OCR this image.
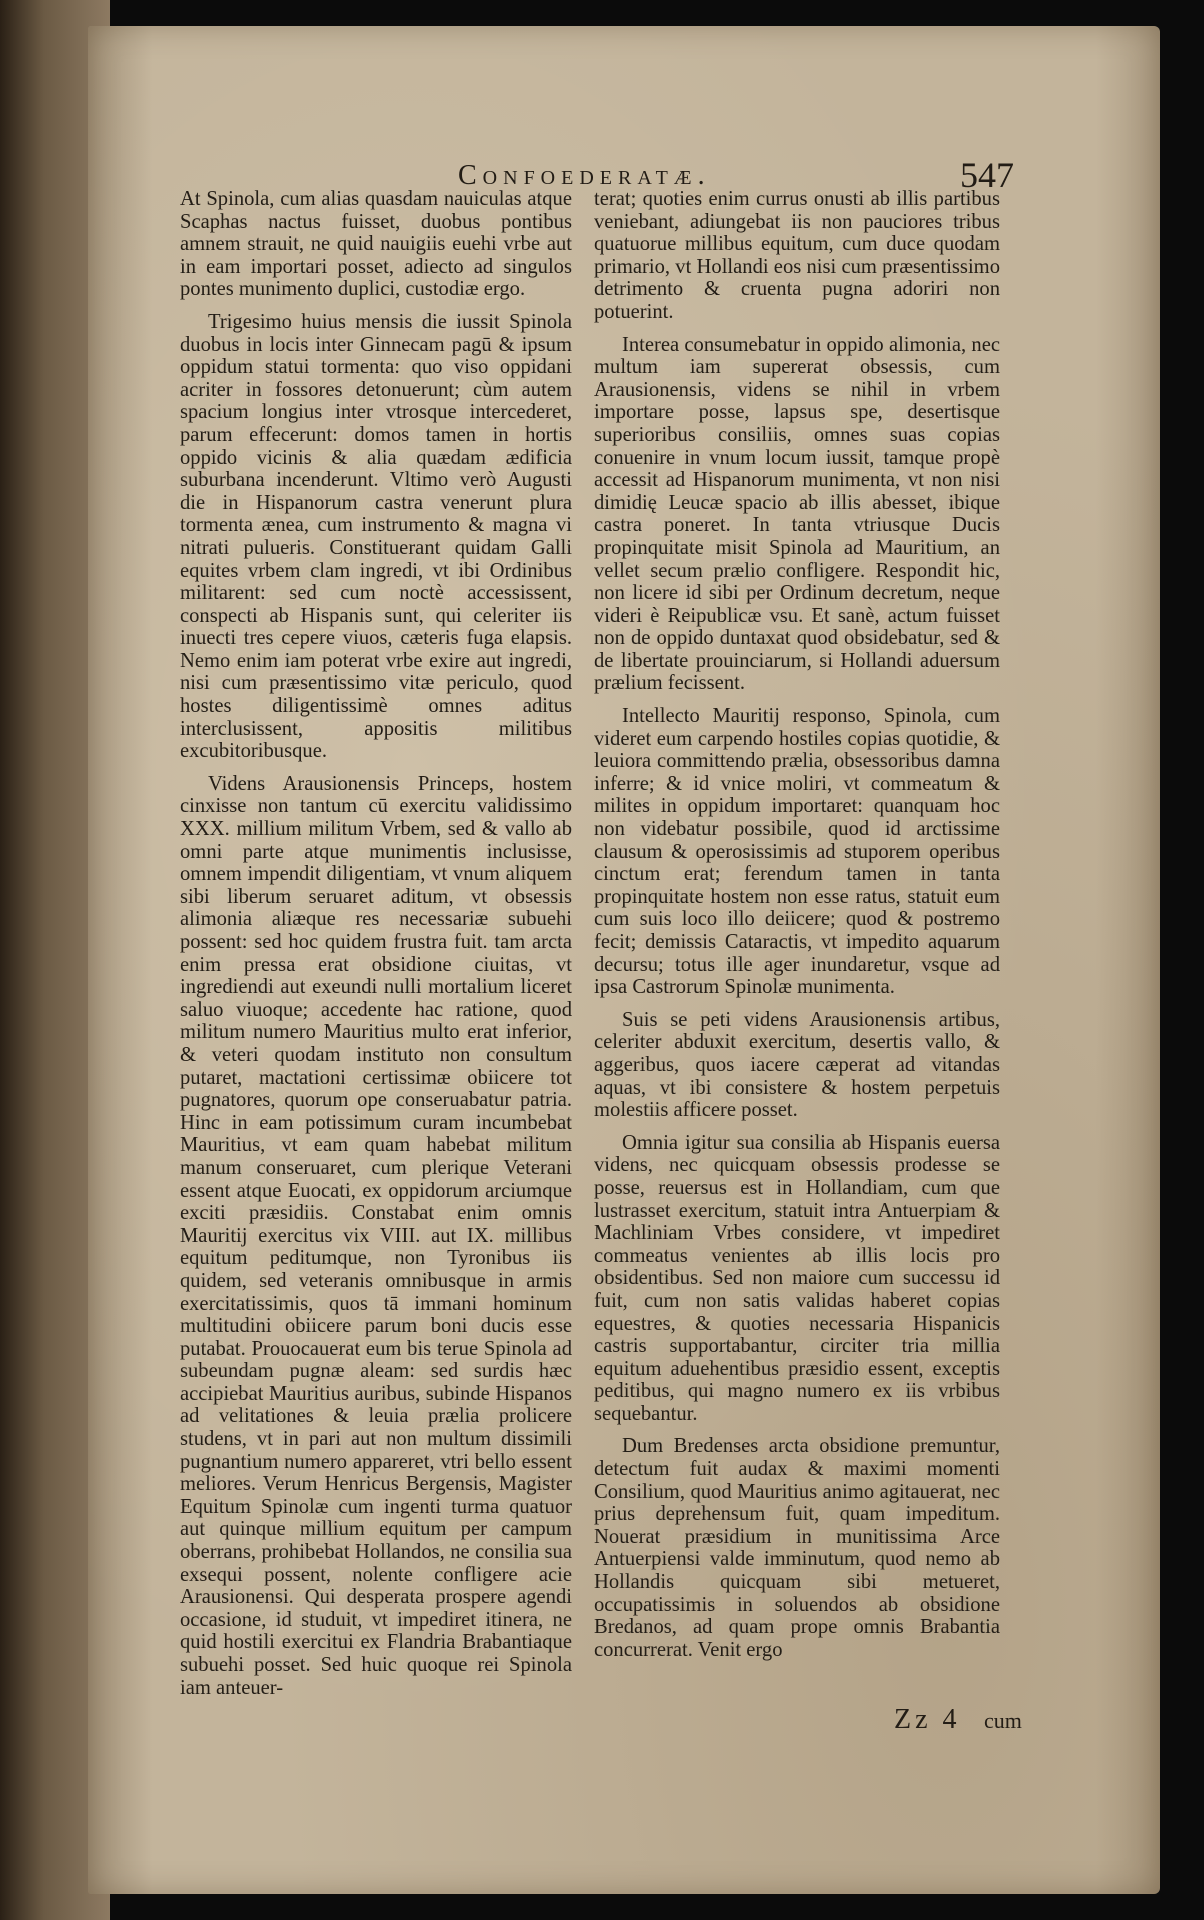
Confoederatæ.	547

At Spinola, cum alias quasdam nauiculas atque Scaphas nactus fuisset, duobus pontibus amnem strauit, ne quid nauigiis euehi vrbe aut in eam importari posset, adiecto ad singulos pontes munimento duplici, custodiæ ergo.

Trigesimo huius mensis die iussit Spinola duobus in locis inter Ginnecam pagū & ipsum oppidum statui tormenta: quo viso oppidani acriter in fossores detonuerunt; cùm autem spacium longius inter vtrosque intercederet, parum effecerunt: domos tamen in hortis oppido vicinis & alia quædam ædificia suburbana incenderunt. Vltimo verò Augusti die in Hispanorum castra venerunt plura tormenta ænea, cum instrumento & magna vi nitrati pulueris. Constituerant quidam Galli equites vrbem clam ingredi, vt ibi Ordinibus militarent: sed cum noctè accessissent, conspecti ab Hispanis sunt, qui celeriter iis inuecti tres cepere viuos, cæteris fuga elapsis. Nemo enim iam poterat vrbe exire aut ingredi, nisi cum præsentissimo vitæ periculo, quod hostes diligentissimè omnes aditus interclusissent, appositis militibus excubitoribusque.

Videns Arausionensis Princeps, hostem cinxisse non tantum cū exercitu validissimo XXX. millium militum Vrbem, sed & vallo ab omni parte atque munimentis inclusisse, omnem impendit diligentiam, vt vnum aliquem sibi liberum seruaret aditum, vt obsessis alimonia aliæque res necessariæ subuehi possent: sed hoc quidem frustra fuit. tam arcta enim pressa erat obsidione ciuitas, vt ingrediendi aut exeundi nulli mortalium liceret saluo viuoque; accedente hac ratione, quod militum numero Mauritius multo erat inferior, & veteri quodam instituto non consultum putaret, mactationi certissimæ obiicere tot pugnatores, quorum ope conseruabatur patria. Hinc in eam potissimum curam incumbebat Mauritius, vt eam quam habebat militum manum conseruaret, cum plerique Veterani essent atque Euocati, ex oppidorum arciumque exciti præsidiis. Constabat enim omnis Mauritij exercitus vix VIII. aut IX. millibus equitum peditumque, non Tyronibus iis quidem, sed veteranis omnibusque in armis exercitatissimis, quos tā immani hominum multitudini obiicere parum boni ducis esse putabat. Prouocauerat eum bis terue Spinola ad subeundam pugnæ aleam: sed surdis hæc accipiebat Mauritius auribus, subinde Hispanos ad velitationes & leuia prælia prolicere studens, vt in pari aut non multum dissimili pugnantium numero appareret, vtri bello essent meliores. Verum Henricus Bergensis, Magister Equitum Spinolæ cum ingenti turma quatuor aut quinque millium equitum per campum oberrans, prohibebat Hollandos, ne consilia sua exsequi possent, nolente confligere acie Arausionensi. Qui desperata prospere agendi occasione, id studuit, vt impediret itinera, ne quid hostili exercitui ex Flandria Brabantiaque subuehi posset. Sed huic quoque rei Spinola iam anteuer-

terat; quoties enim currus onusti ab illis partibus veniebant, adiungebat iis non pauciores tribus quatuorue millibus equitum, cum duce quodam primario, vt Hollandi eos nisi cum præsentissimo detrimento & cruenta pugna adoriri non potuerint.

Interea consumebatur in oppido alimonia, nec multum iam supererat obsessis, cum Arausionensis, videns se nihil in vrbem importare posse, lapsus spe, desertisque superioribus consiliis, omnes suas copias conuenire in vnum locum iussit, tamque propè accessit ad Hispanorum munimenta, vt non nisi dimidię Leucæ spacio ab illis abesset, ibique castra poneret. In tanta vtriusque Ducis propinquitate misit Spinola ad Mauritium, an vellet secum prælio confligere. Respondit hic, non licere id sibi per Ordinum decretum, neque videri è Reipublicæ vsu. Et sanè, actum fuisset non de oppido duntaxat quod obsidebatur, sed & de libertate prouinciarum, si Hollandi aduersum prælium fecissent.

Intellecto Mauritij responso, Spinola, cum videret eum carpendo hostiles copias quotidie, & leuiora committendo prælia, obsessoribus damna inferre; & id vnice moliri, vt commeatum & milites in oppidum importaret: quanquam hoc non videbatur possibile, quod id arctissime clausum & operosissimis ad stuporem operibus cinctum erat; ferendum tamen in tanta propinquitate hostem non esse ratus, statuit eum cum suis loco illo deiicere; quod & postremo fecit; demissis Cataractis, vt impedito aquarum decursu; totus ille ager inundaretur, vsque ad ipsa Castrorum Spinolæ munimenta.

Suis se peti videns Arausionensis artibus, celeriter abduxit exercitum, desertis vallo, & aggeribus, quos iacere cæperat ad vitandas aquas, vt ibi consistere & hostem perpetuis molestiis afficere posset.

Omnia igitur sua consilia ab Hispanis euersa videns, nec quicquam obsessis prodesse se posse, reuersus est in Hollandiam, cum que lustrasset exercitum, statuit intra Antuerpiam & Machliniam Vrbes considere, vt impediret commeatus venientes ab illis locis pro obsidentibus. Sed non maiore cum successu id fuit, cum non satis validas haberet copias equestres, & quoties necessaria Hispanicis castris supportabantur, circiter tria millia equitum aduehentibus præsidio essent, exceptis peditibus, qui magno numero ex iis vrbibus sequebantur.

Dum Bredenses arcta obsidione premuntur, detectum fuit audax & maximi momenti Consilium, quod Mauritius animo agitauerat, nec prius deprehensum fuit, quam impeditum. Nouerat præsidium in munitissima Arce Antuerpiensi valde imminutum, quod nemo ab Hollandis quicquam sibi metueret, occupatissimis in soluendos ab obsidione Bredanos, ad quam prope omnis Brabantia concurrerat. Venit ergo

Zz 4 cum
